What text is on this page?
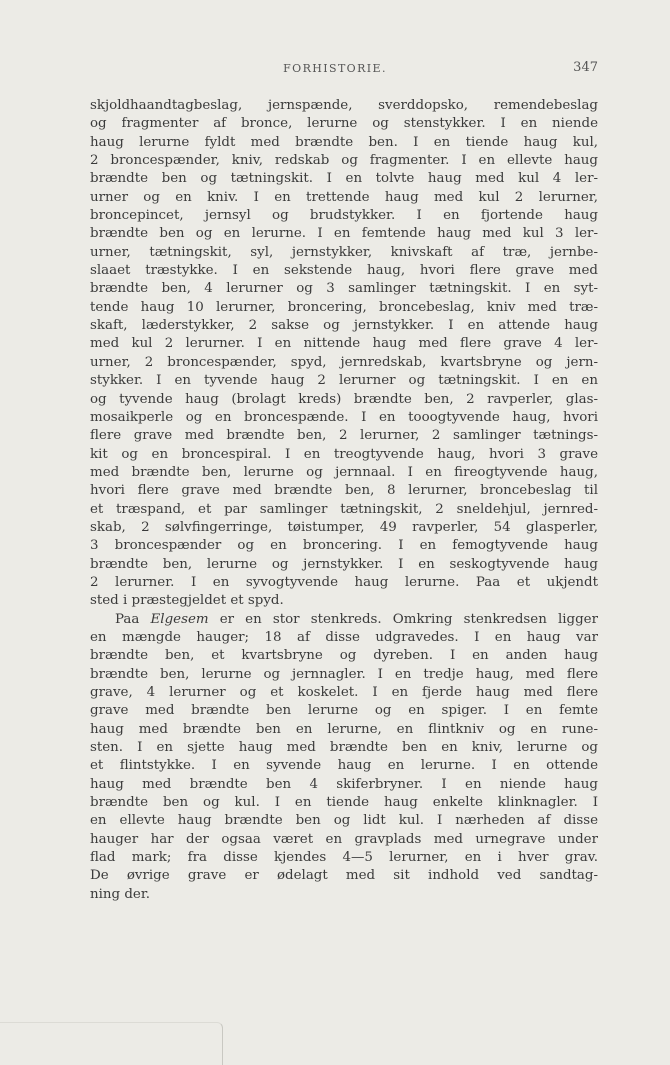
FORHISTORIE.	347
skjoldhaandtagbeslag, jernspænde, sverddopsko, remendebeslag
og fragmenter af bronce, lerurne og stenstykker. I en niende
haug lerurne fyldt med brændte ben. I en tiende haug kul,
2 broncespænder, kniv, redskab og fragmenter. I en ellevte haug
brændte ben og tætningskit. I en tolvte haug med kul 4 ler-
urner og en kniv. I en trettende haug med kul 2 lerurner,
broncepincet, jernsyl og brudstykker. I en fjortende haug
brændte ben og en lerurne. I en femtende haug med kul 3 ler-
urner, tætningskit, syl, jernstykker, knivskaft af træ, jernbe-
slaaet træstykke. I en sekstende haug, hvori flere grave med
brændte ben, 4 lerurner og 3 samlinger tætningskit. I en syt-
tende haug 10 lerurner, broncering, broncebeslag, kniv med træ-
skaft, læderstykker, 2 sakse og jernstykker. I en attende haug
med kul 2 lerurner. I en nittende haug med flere grave 4 ler-
urner, 2 broncespænder, spyd, jernredskab, kvartsbryne og jern-
stykker. I en tyvende haug 2 lerurner og tætningskit. I en en
og tyvende haug (brolagt kreds) brændte ben, 2 ravperler, glas-
mosaikperle og en broncespænde. I en tooogtyvende haug, hvori
flere grave med brændte ben, 2 lerurner, 2 samlinger tætnings-
kit og en broncespiral. I en treogtyvende haug, hvori 3 grave
med brændte ben, lerurne og jernnaal. I en fireogtyvende haug,
hvori flere grave med brændte ben, 8 lerurner, broncebeslag til
et træspand, et par samlinger tætningskit, 2 sneldehjul, jernred-
skab, 2 sølvfingerringe, tøistumper, 49 ravperler, 54 glasperler,
3 broncespænder og en broncering. I en femogtyvende haug
brændte ben, lerurne og jernstykker. I en seskogtyvende haug
2 lerurner. I en syvogtyvende haug lerurne. Paa et ukjendt
sted i præstegjeldet et spyd.
Paa Elgesem er en stor stenkreds. Omkring stenkredsen ligger
en mængde hauger; 18 af disse udgravedes. I en haug var
brændte ben, et kvartsbryne og dyreben. I en anden haug
brændte ben, lerurne og jernnagler. I en tredje haug, med flere
grave, 4 lerurner og et koskelet. I en fjerde haug med flere
grave med brændte ben lerurne og en spiger. I en femte
haug med brændte ben en lerurne, en flintkniv og en rune-
sten. I en sjette haug med brændte ben en kniv, lerurne og
et flintstykke. I en syvende haug en lerurne. I en ottende
haug med brændte ben 4 skiferbryner. I en niende haug
brændte ben og kul. I en tiende haug enkelte klinknagler. I
en ellevte haug brændte ben og lidt kul. I nærheden af disse
hauger har der ogsaa været en gravplads med urnegrave under
flad mark; fra disse kjendes 4—5 lerurner, en i hver grav.
De øvrige grave er ødelagt med sit indhold ved sandtag-
ning der.
